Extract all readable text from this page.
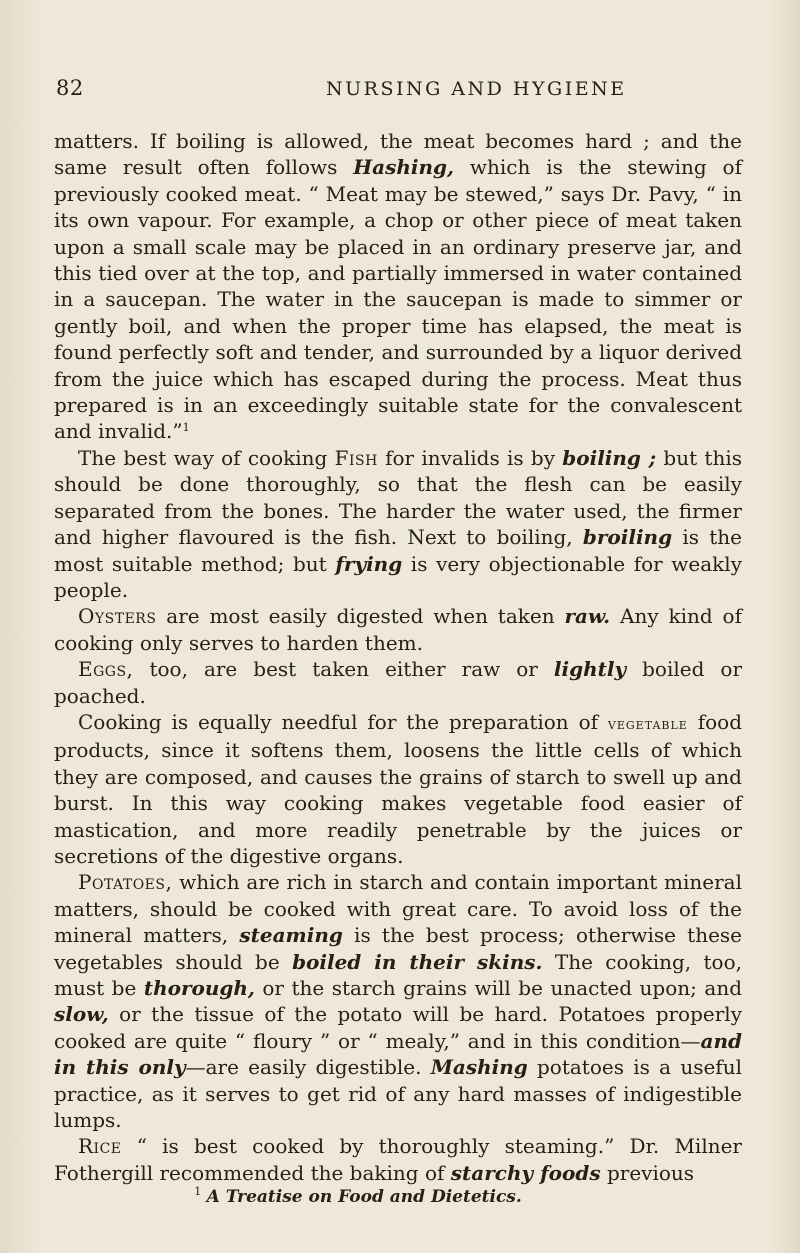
82	NURSING AND HYGIENE

matters. If boiling is allowed, the meat becomes hard ; and the same result often follows Hashing, which is the stewing of previously cooked meat. “ Meat may be stewed,” says Dr. Pavy, “ in its own vapour. For example, a chop or other piece of meat taken upon a small scale may be placed in an ordinary preserve jar, and this tied over at the top, and partially immersed in water contained in a saucepan. The water in the saucepan is made to simmer or gently boil, and when the proper time has elapsed, the meat is found perfectly soft and tender, and surrounded by a liquor derived from the juice which has escaped during the process. Meat thus prepared is in an exceedingly suitable state for the convalescent and invalid.”$^1$

The best way of cooking Fish for invalids is by boiling ; but this should be done thoroughly, so that the flesh can be easily separated from the bones. The harder the water used, the firmer and higher flavoured is the fish. Next to boiling, broiling is the most suitable method; but frying is very objectionable for weakly people.

Oysters are most easily digested when taken raw. Any kind of cooking only serves to harden them.

Eggs, too, are best taken either raw or lightly boiled or poached.

Cooking is equally needful for the preparation of vegetable food products, since it softens them, loosens the little cells of which they are composed, and causes the grains of starch to swell up and burst. In this way cooking makes vegetable food easier of mastication, and more readily penetrable by the juices or secretions of the digestive organs.

Potatoes, which are rich in starch and contain important mineral matters, should be cooked with great care. To avoid loss of the mineral matters, steaming is the best process; otherwise these vegetables should be boiled in their skins. The cooking, too, must be thorough, or the starch grains will be unacted upon; and slow, or the tissue of the potato will be hard. Potatoes properly cooked are quite “ floury ” or “ mealy,” and in this condition—and in this only—are easily digestible. Mashing potatoes is a useful practice, as it serves to get rid of any hard masses of indigestible lumps.

Rice “ is best cooked by thoroughly steaming.” Dr. Milner Fothergill recommended the baking of starchy foods previous

$^1$ A Treatise on Food and Dietetics.
